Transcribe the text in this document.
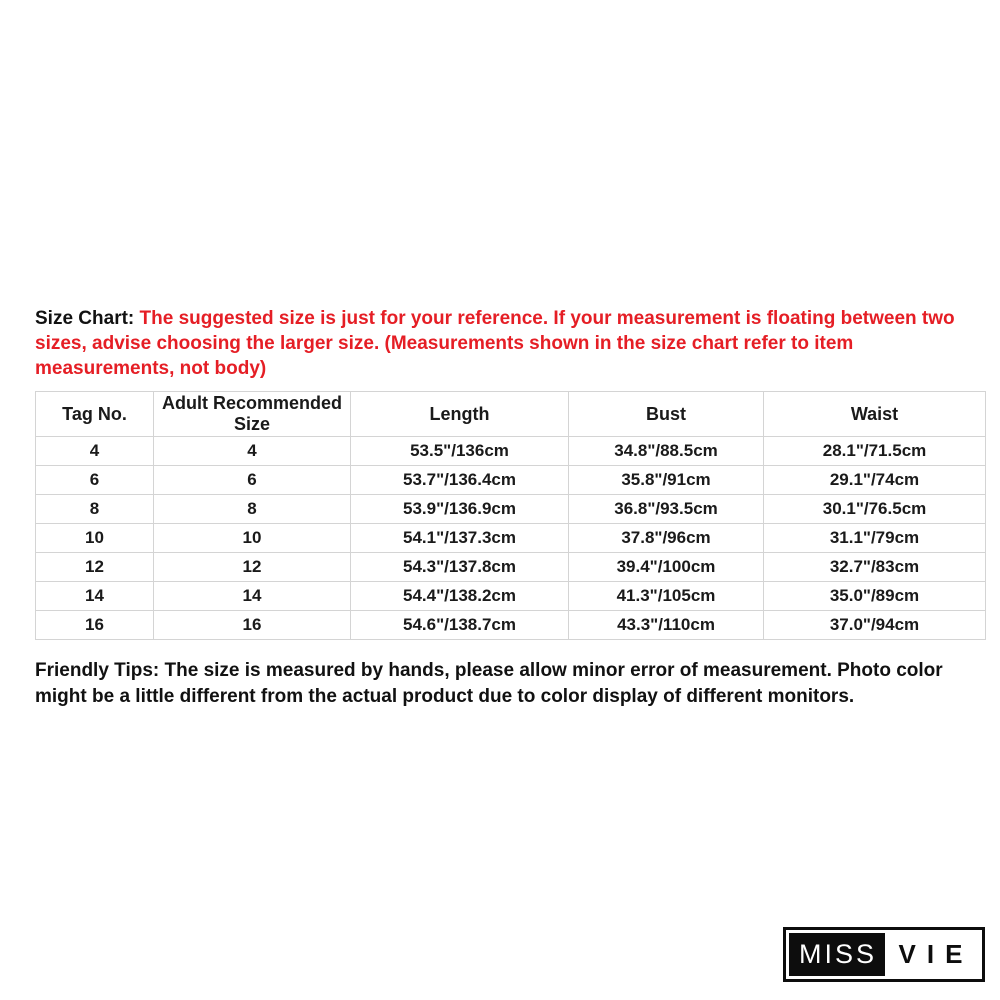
Size Chart: The suggested size is just for your reference. If your measurement is floating between two sizes, advise choosing the larger size. (Measurements shown in the size chart refer to item measurements, not body)

Tag No.	Adult Recommended Size	Length	Bust	Waist
4	4	53.5"/136cm	34.8"/88.5cm	28.1"/71.5cm
6	6	53.7"/136.4cm	35.8"/91cm	29.1"/74cm
8	8	53.9"/136.9cm	36.8"/93.5cm	30.1"/76.5cm
10	10	54.1"/137.3cm	37.8"/96cm	31.1"/79cm
12	12	54.3"/137.8cm	39.4"/100cm	32.7"/83cm
14	14	54.4"/138.2cm	41.3"/105cm	35.0"/89cm
16	16	54.6"/138.7cm	43.3"/110cm	37.0"/94cm

Friendly Tips: The size is measured by hands, please allow minor error of measurement. Photo color might be a little different from the actual product due to color display of different monitors.

MISS VIE
